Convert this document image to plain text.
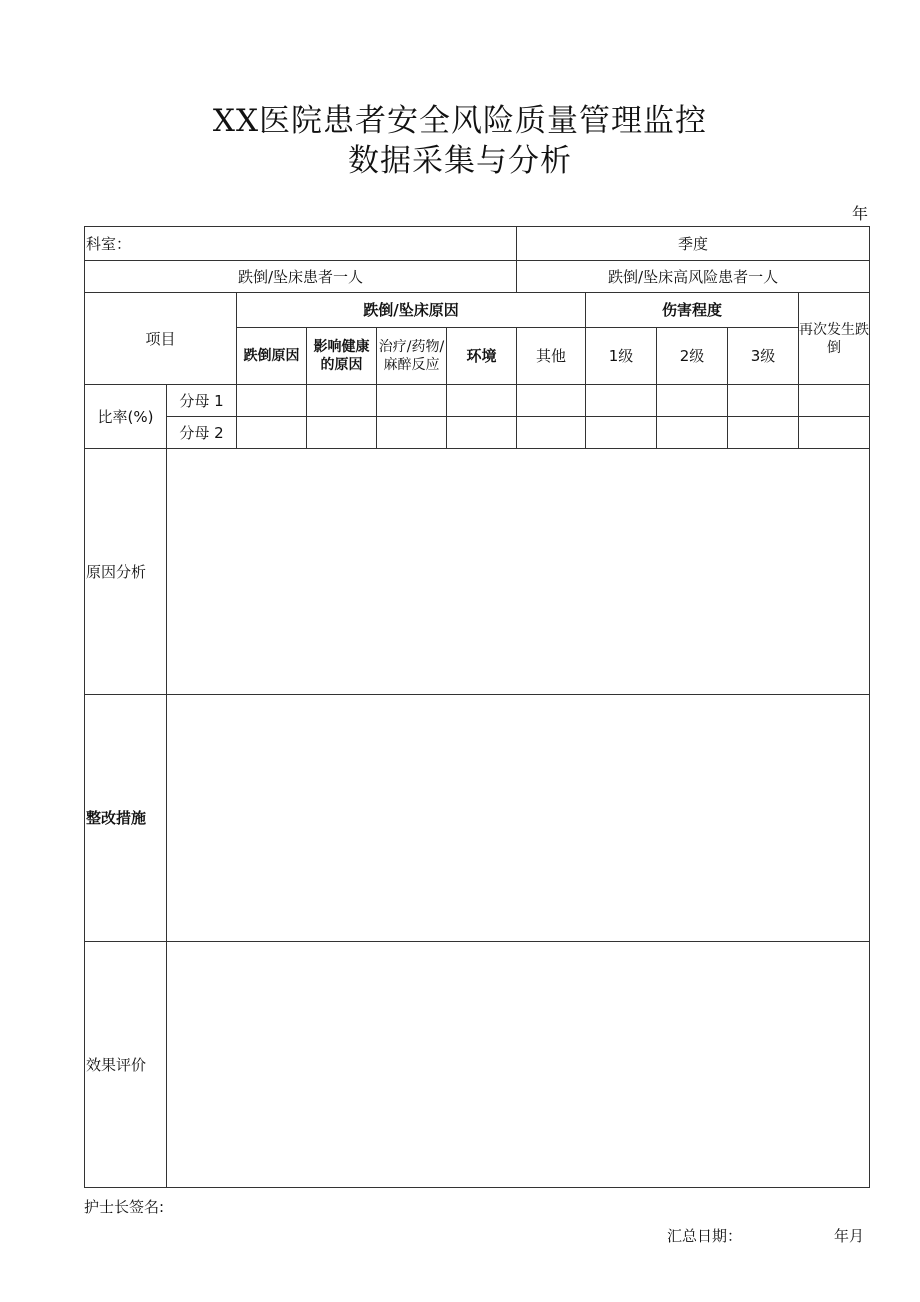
XX医院患者安全风险质量管理监控
数据采集与分析
年
科室：						季度				
跌倒/坠床患者一人						跌倒/坠床高风险患者一人				
项目		跌倒/坠床原因					伤害程度			再次发生跌倒
		跌倒原因	影响健康的原因	治疗/药物/麻醉反应	环境	其他	1级	2级	3级	
比率(%)	分母 1									
	分母 2									
原因分析										
整改措施										
效果评价										
护士长签名:
汇总日期：	年月
